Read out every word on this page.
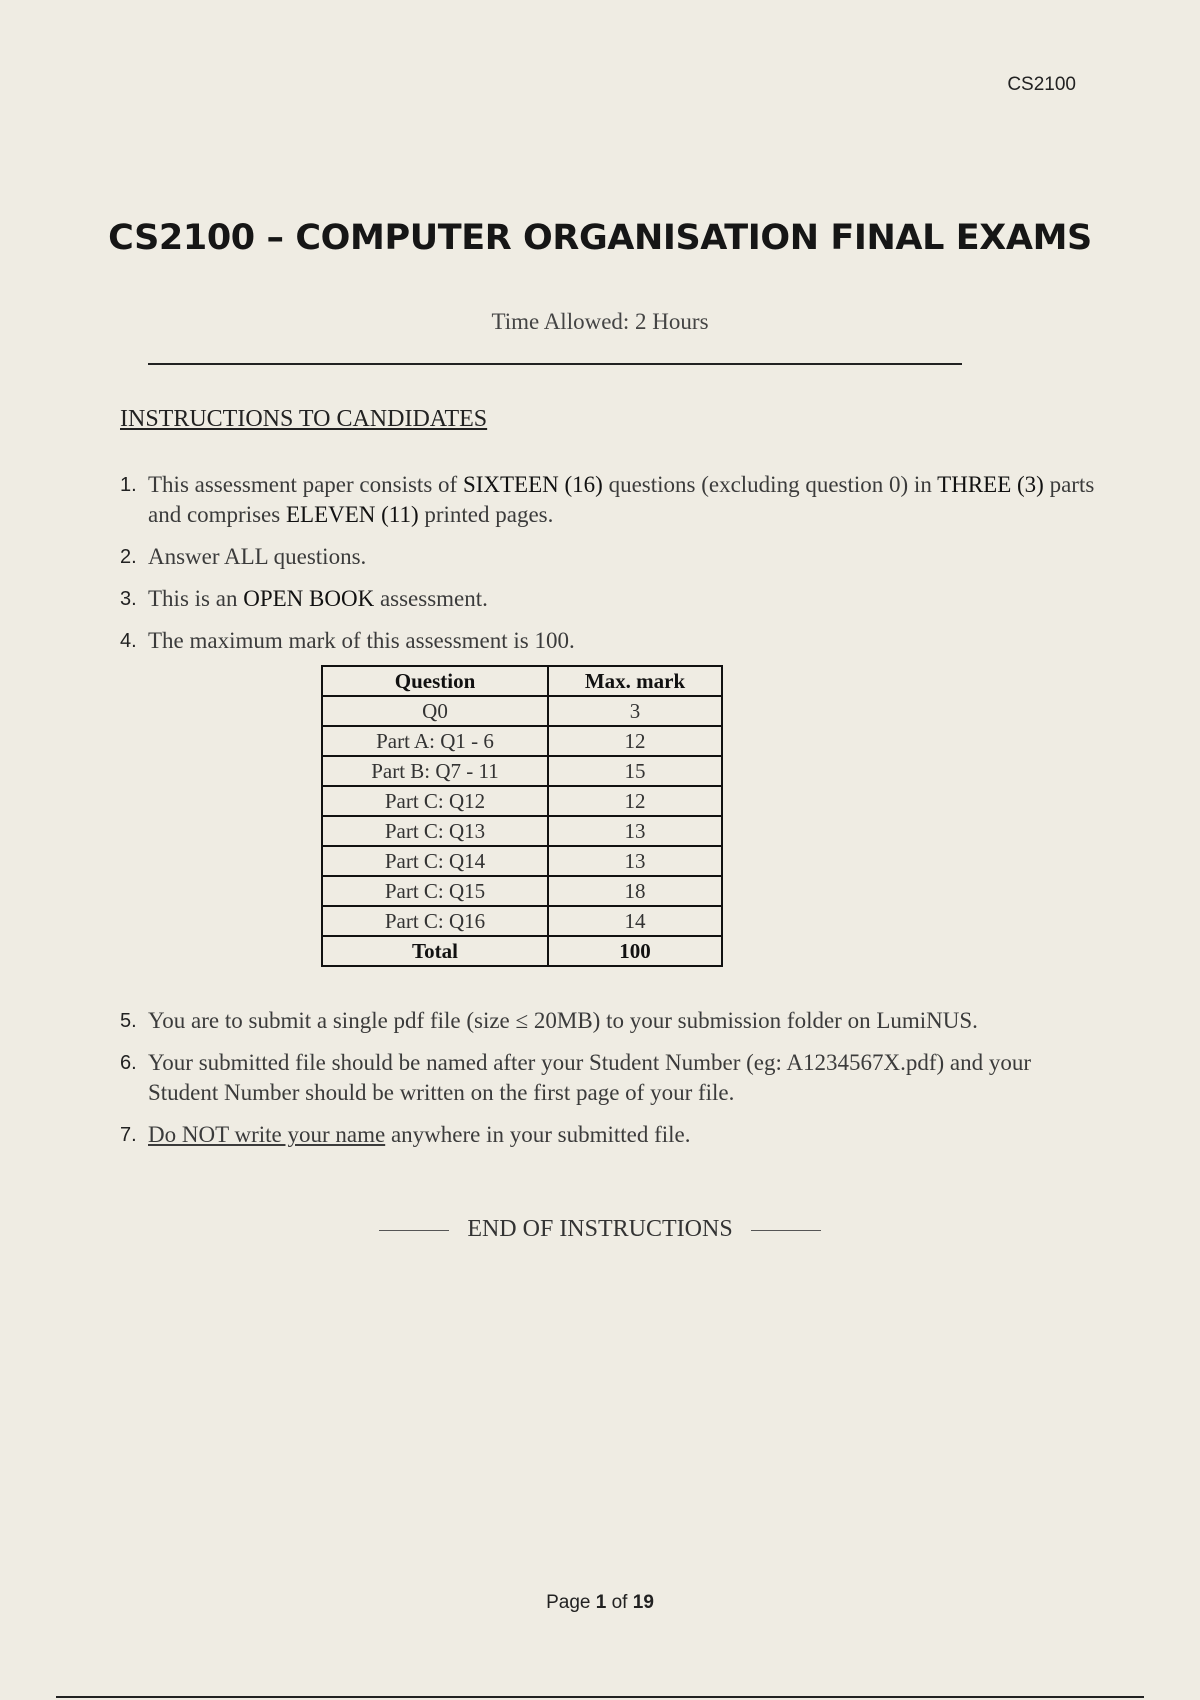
CS2100
CS2100 – COMPUTER ORGANISATION FINAL EXAMS
Time Allowed: 2 Hours
INSTRUCTIONS TO CANDIDATES
1. This assessment paper consists of SIXTEEN (16) questions (excluding question 0) in THREE (3) parts and comprises ELEVEN (11) printed pages.
2. Answer ALL questions.
3. This is an OPEN BOOK assessment.
4. The maximum mark of this assessment is 100.
Question	Max. mark
Q0	3
Part A: Q1 - 6	12
Part B: Q7 - 11	15
Part C: Q12	12
Part C: Q13	13
Part C: Q14	13
Part C: Q15	18
Part C: Q16	14
Total	100
5. You are to submit a single pdf file (size ≤ 20MB) to your submission folder on LumiNUS.
6. Your submitted file should be named after your Student Number (eg: A1234567X.pdf) and your Student Number should be written on the first page of your file.
7. Do NOT write your name anywhere in your submitted file.
END OF INSTRUCTIONS
Page 1 of 19
